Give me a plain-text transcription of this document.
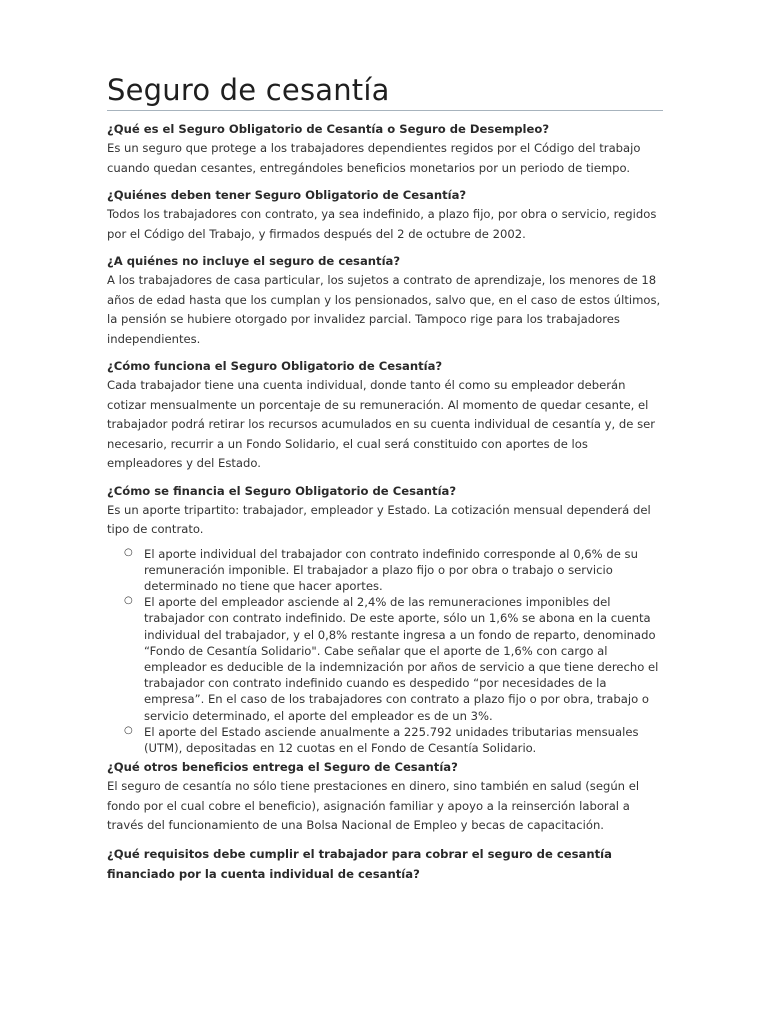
Seguro de cesantía

¿Qué es el Seguro Obligatorio de Cesantía o Seguro de Desempleo?

Es un seguro que protege a los trabajadores dependientes regidos por el Código del trabajo cuando quedan cesantes, entregándoles beneficios monetarios por un periodo de tiempo.

¿Quiénes deben tener Seguro Obligatorio de Cesantía?

Todos los trabajadores con contrato, ya sea indefinido, a plazo fijo, por obra o servicio, regidos por el Código del Trabajo, y firmados después del 2 de octubre de 2002.

¿A quiénes no incluye el seguro de cesantía?

A los trabajadores de casa particular, los sujetos a contrato de aprendizaje, los menores de 18 años de edad hasta que los cumplan y los pensionados, salvo que, en el caso de estos últimos, la pensión se hubiere otorgado por invalidez parcial. Tampoco rige para los trabajadores independientes.

¿Cómo funciona el Seguro Obligatorio de Cesantía?

Cada trabajador tiene una cuenta individual, donde tanto él como su empleador deberán cotizar mensualmente un porcentaje de su remuneración. Al momento de quedar cesante, el trabajador podrá retirar los recursos acumulados en su cuenta individual de cesantía y, de ser necesario, recurrir a un Fondo Solidario, el cual será constituido con aportes de los empleadores y del Estado.

¿Cómo se financia el Seguro Obligatorio de Cesantía?

Es un aporte tripartito: trabajador, empleador y Estado. La cotización mensual dependerá del tipo de contrato.

○ El aporte individual del trabajador con contrato indefinido corresponde al 0,6% de su remuneración imponible. El trabajador a plazo fijo o por obra o trabajo o servicio determinado no tiene que hacer aportes.
○ El aporte del empleador asciende al 2,4% de las remuneraciones imponibles del trabajador con contrato indefinido. De este aporte, sólo un 1,6% se abona en la cuenta individual del trabajador, y el 0,8% restante ingresa a un fondo de reparto, denominado “Fondo de Cesantía Solidario". Cabe señalar que el aporte de 1,6% con cargo al empleador es deducible de la indemnización por años de servicio a que tiene derecho el trabajador con contrato indefinido cuando es despedido “por necesidades de la empresa”. En el caso de los trabajadores con contrato a plazo fijo o por obra, trabajo o servicio determinado, el aporte del empleador es de un 3%.
○ El aporte del Estado asciende anualmente a 225.792 unidades tributarias mensuales (UTM), depositadas en 12 cuotas en el Fondo de Cesantía Solidario.

¿Qué otros beneficios entrega el Seguro de Cesantía?

El seguro de cesantía no sólo tiene prestaciones en dinero, sino también en salud (según el fondo por el cual cobre el beneficio), asignación familiar y apoyo a la reinserción laboral a través del funcionamiento de una Bolsa Nacional de Empleo y becas de capacitación.

¿Qué requisitos debe cumplir el trabajador para cobrar el seguro de cesantía financiado por la cuenta individual de cesantía?
